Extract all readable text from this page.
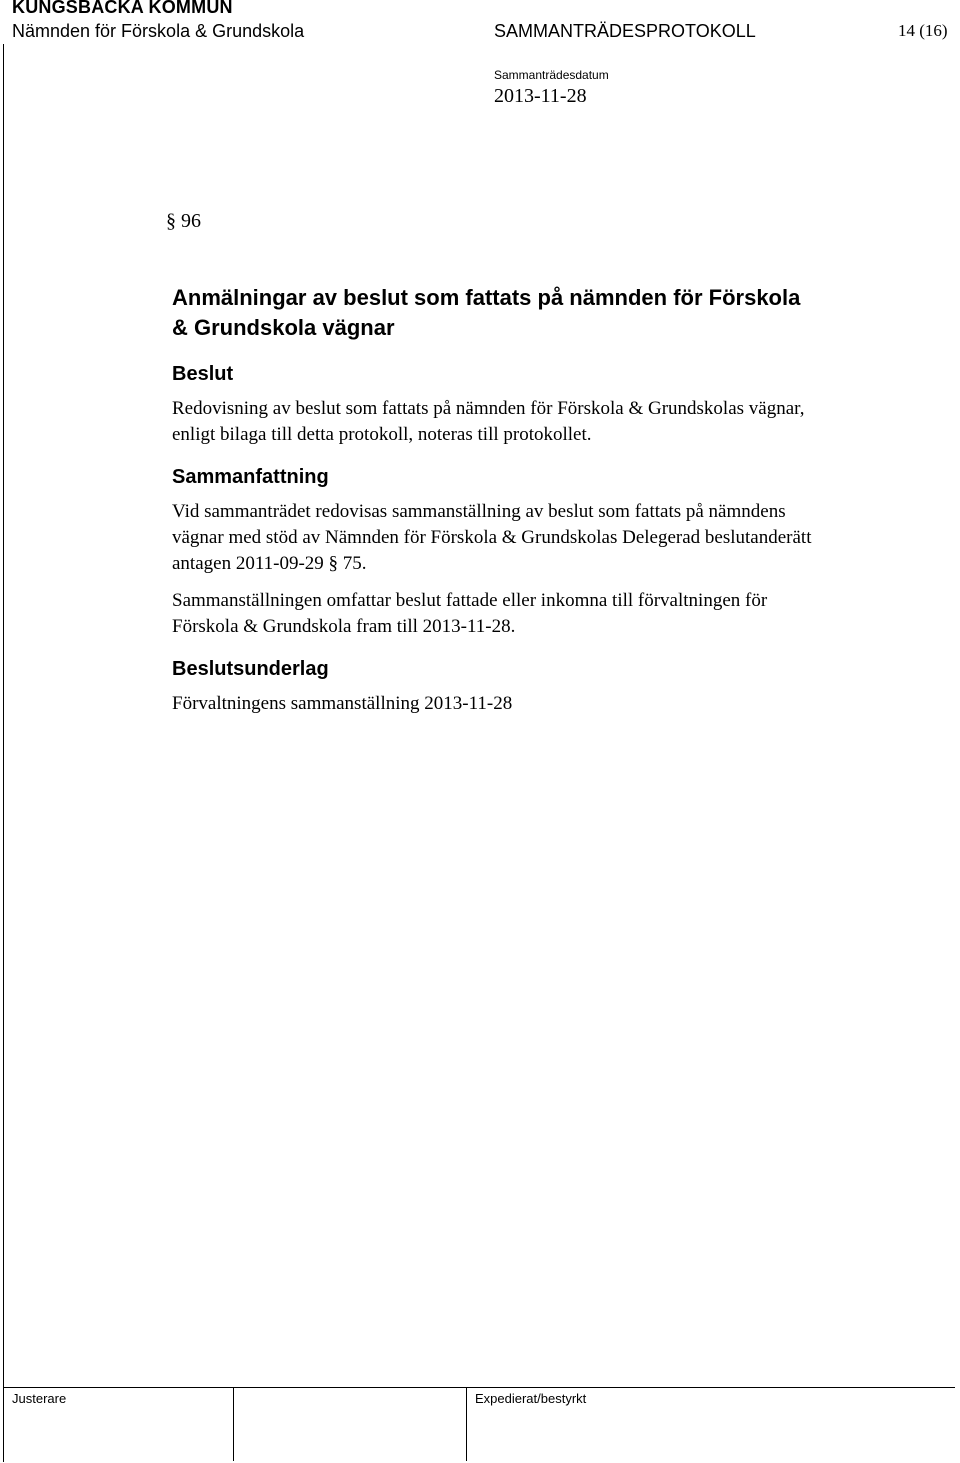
KUNGSBACKA KOMMUN
Nämnden för Förskola & Grundskola	SAMMANTRÄDESPROTOKOLL	14 (16)
Sammanträdesdatum
2013-11-28
§ 96
Anmälningar av beslut som fattats på nämnden för Förskola
& Grundskola vägnar
Beslut
Redovisning av beslut som fattats på nämnden för Förskola & Grundskolas vägnar,
enligt bilaga till detta protokoll, noteras till protokollet.
Sammanfattning
Vid sammanträdet redovisas sammanställning av beslut som fattats på nämndens
vägnar med stöd av Nämnden för Förskola & Grundskolas Delegerad beslutanderätt
antagen 2011-09-29 § 75.
Sammanställningen omfattar beslut fattade eller inkomna till förvaltningen för
Förskola & Grundskola fram till 2013-11-28.
Beslutsunderlag
Förvaltningens sammanställning 2013-11-28
Justerare	Expedierat/bestyrkt
